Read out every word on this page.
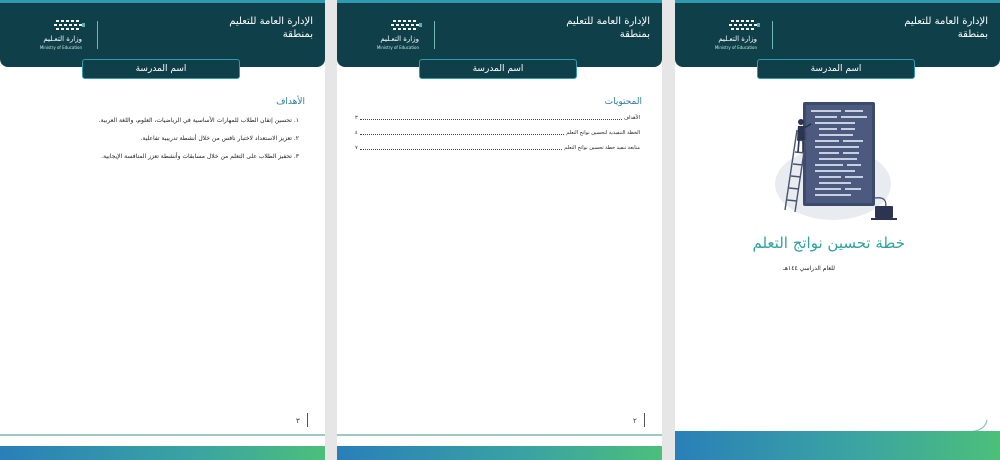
الإدارة العامة للتعليم
بمنطقة
وزارة التعـليم
Ministry of Education
اسم المدرسة
الأهداف
١. تحسين إتقان الطلاب للمهارات الأساسية في الرياضيات، العلوم، واللغة العربية.
٢. تعزيز الاستعداد لاختبار نافس من خلال أنشطة تدريبية تفاعلية.
٣. تحفيز الطلاب على التعلم من خلال مسابقات وأنشطة تعزز المنافسة الإيجابية.
٣
الإدارة العامة للتعليم
بمنطقة
وزارة التعـليم
Ministry of Education
اسم المدرسة
المحتويات
الأهداف
٣
الخطة التنفيذية لتحسين نواتج التعلم
٤
متابعة تنفيذ خطة تحسين نواتج التعلم
٧
٢
الإدارة العامة للتعليم
بمنطقة
وزارة التعـليم
Ministry of Education
اسم المدرسة
خطة تحسين نواتج التعلم
للعام الدراسي ١٤٤هـ
